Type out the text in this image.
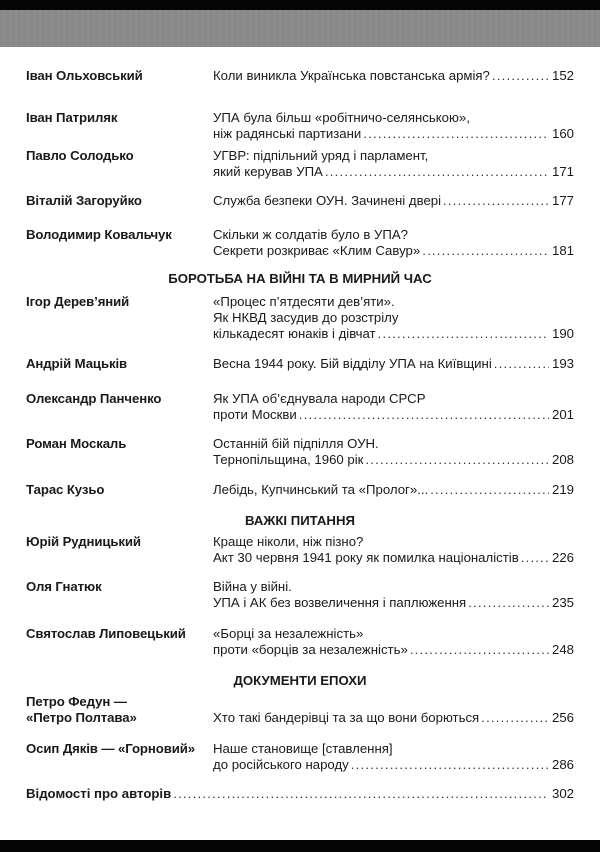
Іван Ольховський	Коли виникла Українська повстанська армія? .....	152
Іван Патриляк	УПА була більш «робітничо-селянською»,
ніж радянські партизани .....	160
Павло Солодько	УГВР: підпільний уряд і парламент,
який керував УПА .....	171
Віталій Загоруйко	Служба безпеки ОУН. Зачинені двері .....	177
Володимир Ковальчук	Скільки ж солдатів було в УПА?
Секрети розкриває «Клим Савур» .....	181
БОРОТЬБА НА ВІЙНІ ТА В МИРНИЙ ЧАС
Ігор Дерев’яний	«Процес п’ятдесяти дев’яти».
Як НКВД засудив до розстрілу
кількадесят юнаків і дівчат .....	190
Андрій Мацьків	Весна 1944 року. Бій відділу УПА на Київщині .....	193
Олександр Панченко	Як УПА об’єднувала народи СРСР
проти Москви .....	201
Роман Москаль	Останній бій підпілля ОУН.
Тернопільщина, 1960 рік .....	208
Тарас Кузьо	Лебідь, Купчинський та «Пролог»... .....	219
ВАЖКІ ПИТАННЯ
Юрій Рудницький	Краще ніколи, ніж пізно?
Акт 30 червня 1941 року як помилка націоналістів .....	226
Оля Гнатюк	Війна у війні.
УПА і АК без возвеличення і паплюження .....	235
Святослав Липовецький	«Борці за незалежність»
проти «борців за незалежність» .....	248
ДОКУМЕНТИ ЕПОХИ
Петро Федун —
«Петро Полтава»	Хто такі бандерівці та за що вони борються .....	256
Осип Дяків — «Горновий»	Наше становище [ставлення]
до російського народу .....	286
Відомості про авторів .....	302
